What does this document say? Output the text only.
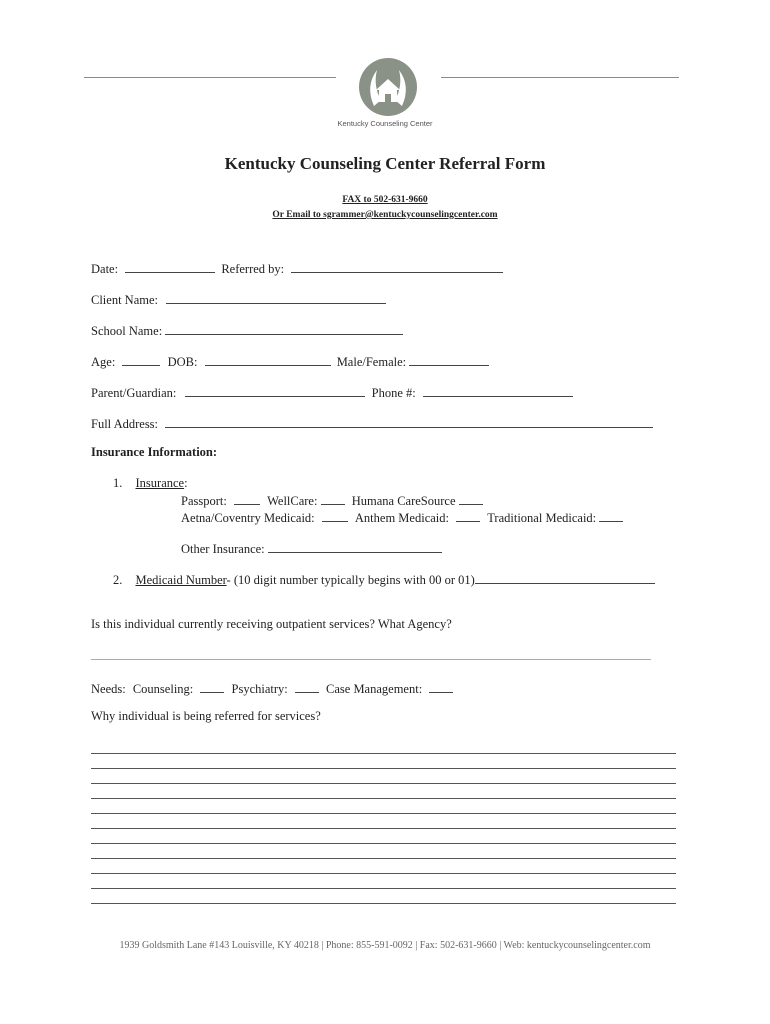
Kentucky Counseling Center
Kentucky Counseling Center Referral Form
FAX to 502-631-9660
Or Email to sgrammer@kentuckycounselingcenter.com
Date:	Referred by:
Client Name:
School Name:
Age:	DOB:	Male/Female:
Parent/Guardian:	Phone #:
Full Address:
Insurance Information:
1. Insurance:
Passport:	WellCare:	Humana CareSource
Aetna/Coventry Medicaid:	Anthem Medicaid:	Traditional Medicaid:
Other Insurance:
2. Medicaid Number- (10 digit number typically begins with 00 or 01)
Is this individual currently receiving outpatient services? What Agency?
Needs: Counseling:	Psychiatry:	Case Management:
Why individual is being referred for services?
1939 Goldsmith Lane #143 Louisville, KY 40218 | Phone: 855-591-0092 | Fax: 502-631-9660 | Web: kentuckycounselingcenter.com
